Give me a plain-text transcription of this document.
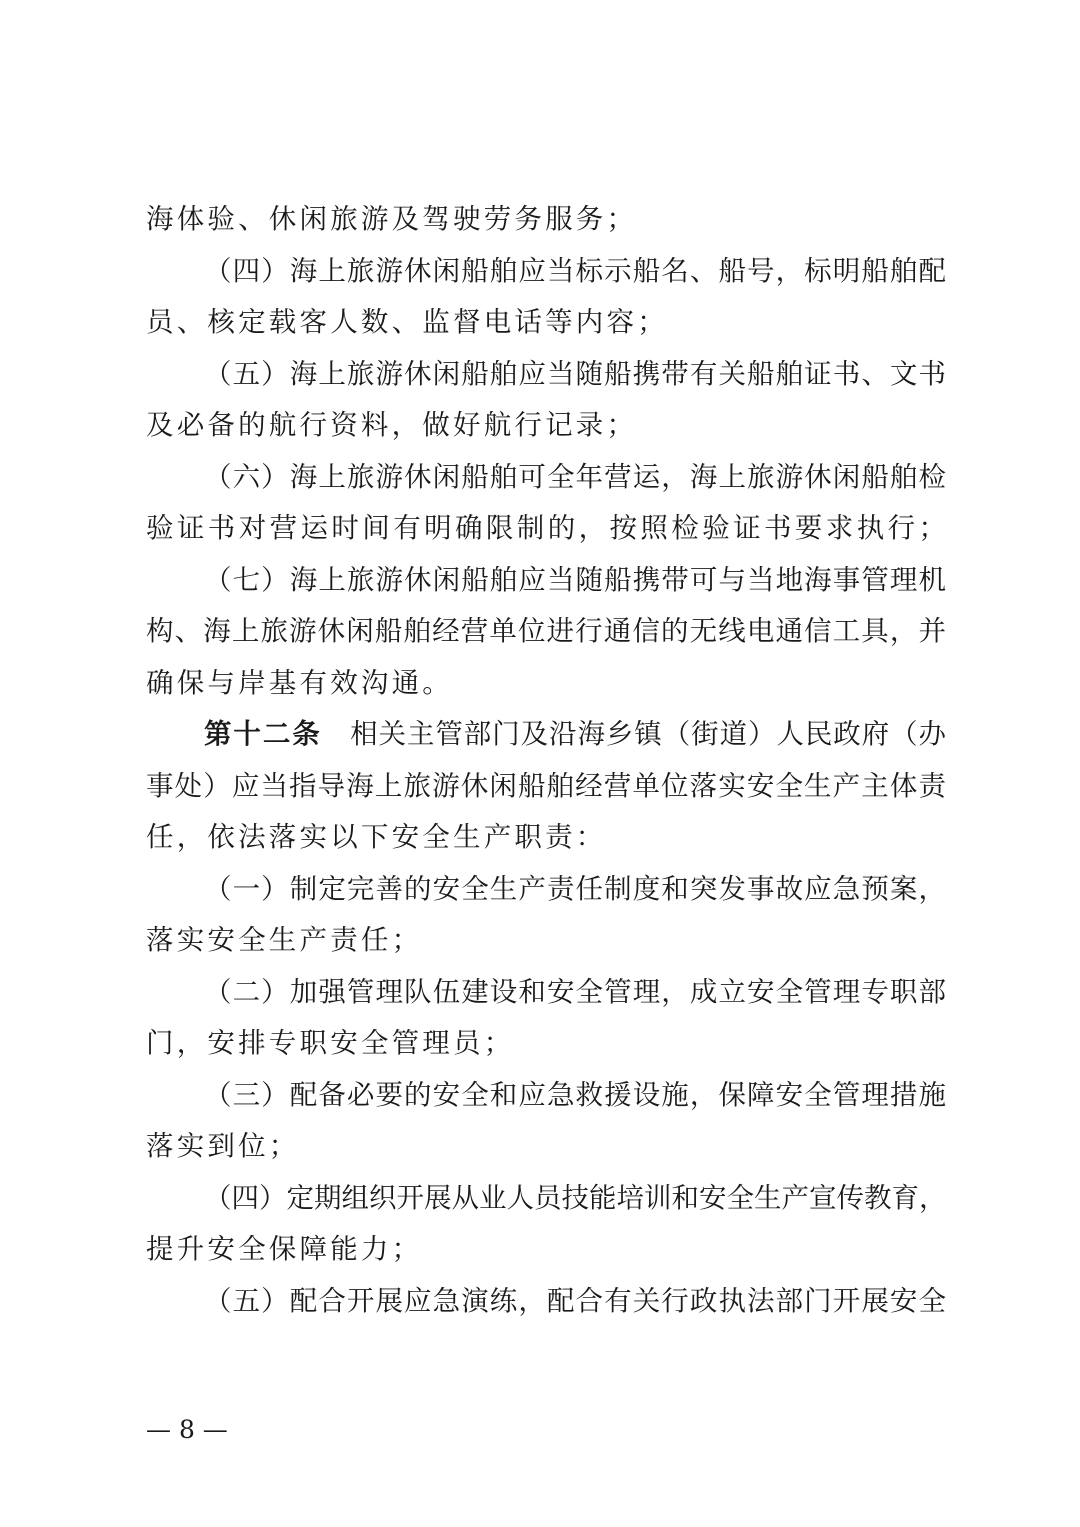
海体验、休闲旅游及驾驶劳务服务；
（四）海上旅游休闲船舶应当标示船名、船号，标明船舶配
员、核定载客人数、监督电话等内容；
（五）海上旅游休闲船舶应当随船携带有关船舶证书、文书
及必备的航行资料，做好航行记录；
（六）海上旅游休闲船舶可全年营运，海上旅游休闲船舶检
验证书对营运时间有明确限制的，按照检验证书要求执行；
（七）海上旅游休闲船舶应当随船携带可与当地海事管理机
构、海上旅游休闲船舶经营单位进行通信的无线电通信工具，并
确保与岸基有效沟通。
第十二条　相关主管部门及沿海乡镇（街道）人民政府（办
事处）应当指导海上旅游休闲船舶经营单位落实安全生产主体责
任，依法落实以下安全生产职责：
（一）制定完善的安全生产责任制度和突发事故应急预案，
落实安全生产责任；
（二）加强管理队伍建设和安全管理，成立安全管理专职部
门，安排专职安全管理员；
（三）配备必要的安全和应急救援设施，保障安全管理措施
落实到位；
（四）定期组织开展从业人员技能培训和安全生产宣传教育，
提升安全保障能力；
（五）配合开展应急演练，配合有关行政执法部门开展安全
— 8 —
